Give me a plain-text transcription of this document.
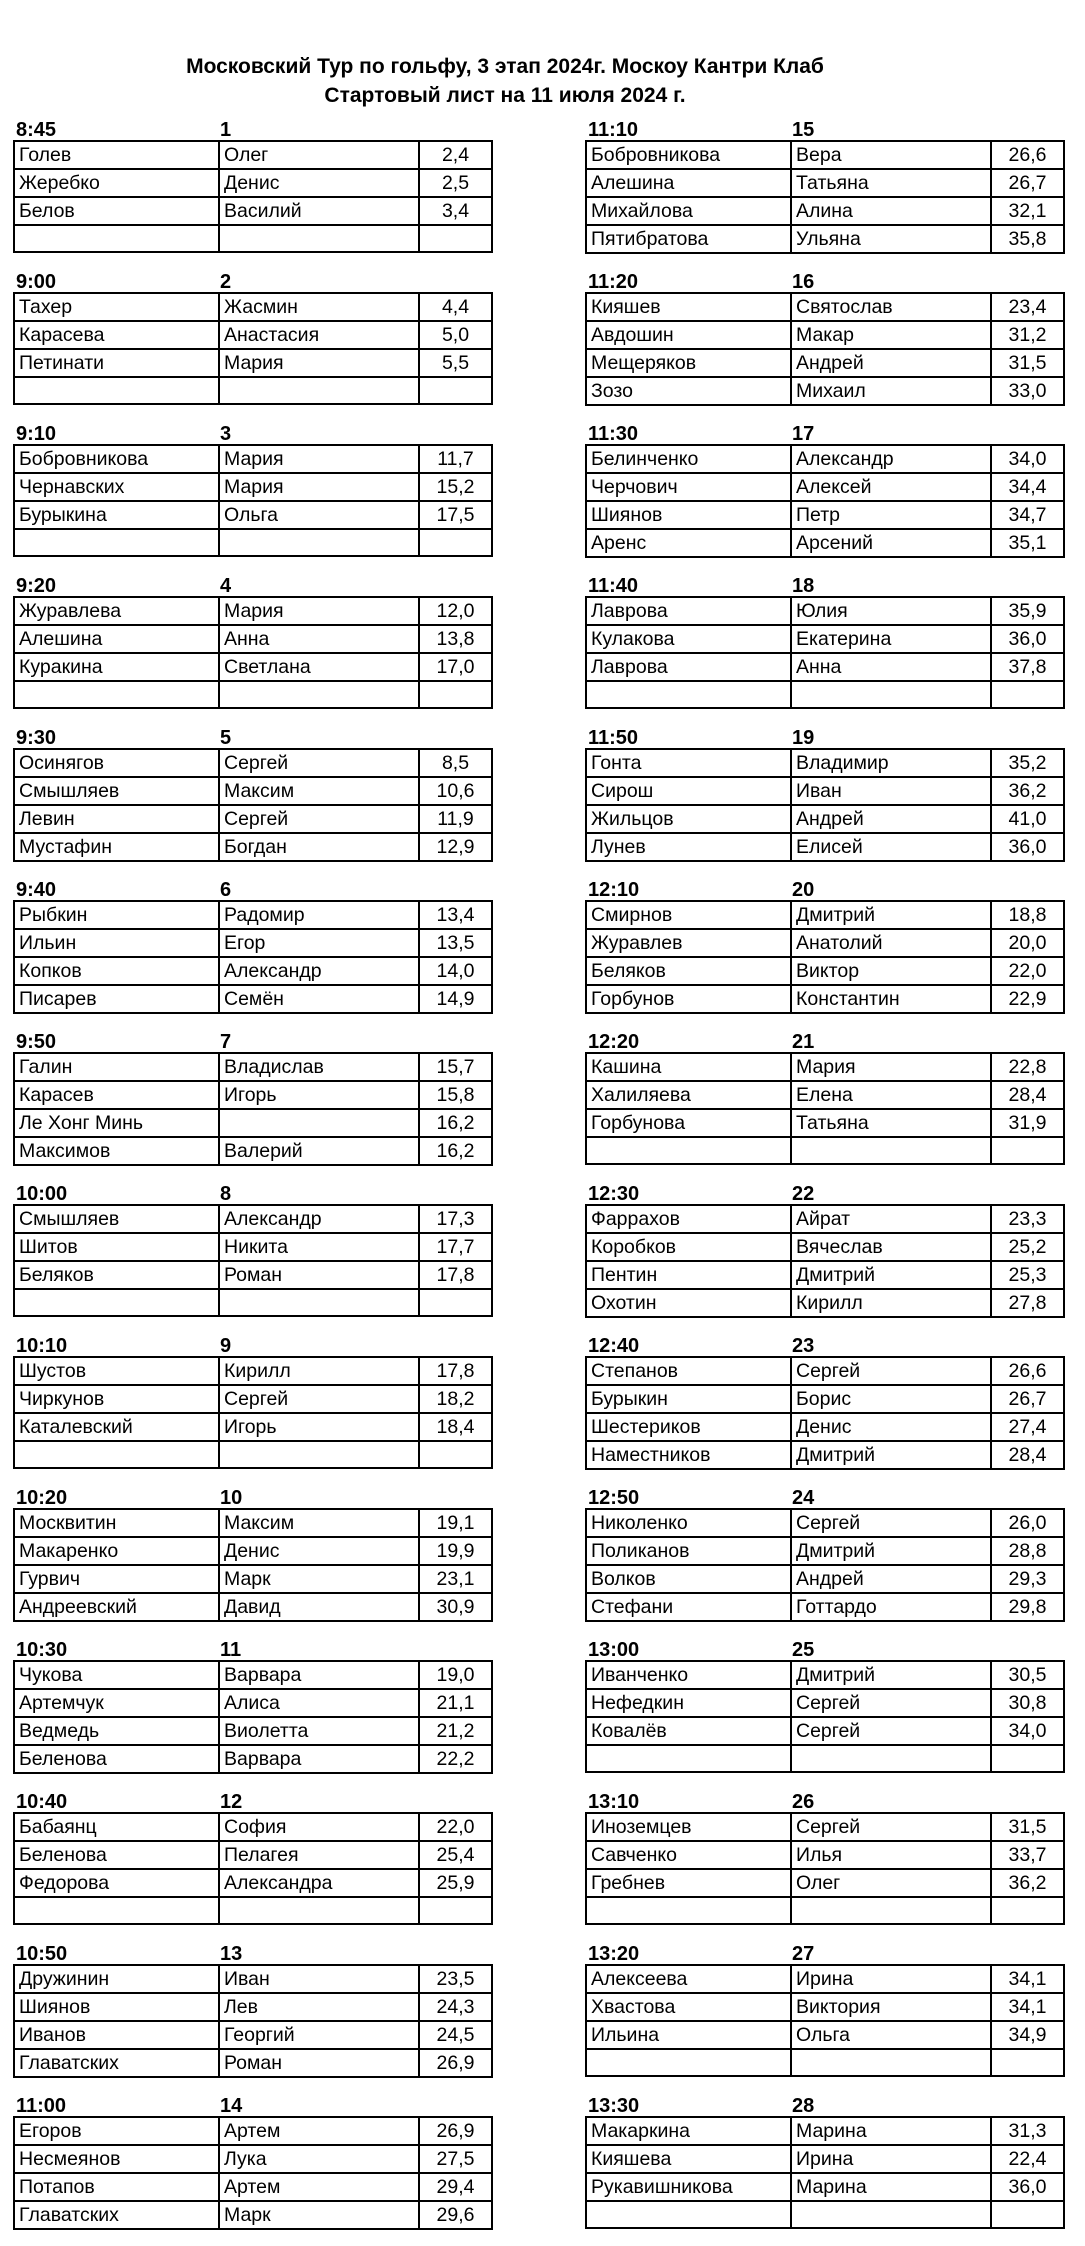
Московский Тур по гольфу, 3 этап 2024г. Москоу Кантри Клаб
Стартовый лист на 11 июля 2024 г.
8:45	1
Голев	Олег	2,4
Жеребко	Денис	2,5
Белов	Василий	3,4

9:00	2
Тахер	Жасмин	4,4
Карасева	Анастасия	5,0
Петинати	Мария	5,5

9:10	3
Бобровникова	Мария	11,7
Чернавских	Мария	15,2
Бурыкина	Ольга	17,5

9:20	4
Журавлева	Мария	12,0
Алешина	Анна	13,8
Куракина	Светлана	17,0

9:30	5
Осинягов	Сергей	8,5
Смышляев	Максим	10,6
Левин	Сергей	11,9
Мустафин	Богдан	12,9
9:40	6
Рыбкин	Радомир	13,4
Ильин	Егор	13,5
Копков	Александр	14,0
Писарев	Семён	14,9
9:50	7
Галин	Владислав	15,7
Карасев	Игорь	15,8
Ле Хонг Минь		16,2
Максимов	Валерий	16,2
10:00	8
Смышляев	Александр	17,3
Шитов	Никита	17,7
Беляков	Роман	17,8

10:10	9
Шустов	Кирилл	17,8
Чиркунов	Сергей	18,2
Каталевский	Игорь	18,4

10:20	10
Москвитин	Максим	19,1
Макаренко	Денис	19,9
Гурвич	Марк	23,1
Андреевский	Давид	30,9
10:30	11
Чукова	Варвара	19,0
Артемчук	Алиса	21,1
Ведмедь	Виолетта	21,2
Беленова	Варвара	22,2
10:40	12
Бабаянц	София	22,0
Беленова	Пелагея	25,4
Федорова	Александра	25,9

10:50	13
Дружинин	Иван	23,5
Шиянов	Лев	24,3
Иванов	Георгий	24,5
Главатских	Роман	26,9
11:00	14
Егоров	Артем	26,9
Несмеянов	Лука	27,5
Потапов	Артем	29,4
Главатских	Марк	29,6
11:10	15
Бобровникова	Вера	26,6
Алешина	Татьяна	26,7
Михайлова	Алина	32,1
Пятибратова	Ульяна	35,8
11:20	16
Кияшев	Святослав	23,4
Авдошин	Макар	31,2
Мещеряков	Андрей	31,5
Зозо	Михаил	33,0
11:30	17
Белинченко	Александр	34,0
Черчович	Алексей	34,4
Шиянов	Петр	34,7
Аренс	Арсений	35,1
11:40	18
Лаврова	Юлия	35,9
Кулакова	Екатерина	36,0
Лаврова	Анна	37,8

11:50	19
Гонта	Владимир	35,2
Сирош	Иван	36,2
Жильцов	Андрей	41,0
Лунев	Елисей	36,0
12:10	20
Смирнов	Дмитрий	18,8
Журавлев	Анатолий	20,0
Беляков	Виктор	22,0
Горбунов	Константин	22,9
12:20	21
Кашина	Мария	22,8
Халиляева	Елена	28,4
Горбунова	Татьяна	31,9

12:30	22
Фаррахов	Айрат	23,3
Коробков	Вячеслав	25,2
Пентин	Дмитрий	25,3
Охотин	Кирилл	27,8
12:40	23
Степанов	Сергей	26,6
Бурыкин	Борис	26,7
Шестериков	Денис	27,4
Наместников	Дмитрий	28,4
12:50	24
Николенко	Сергей	26,0
Поликанов	Дмитрий	28,8
Волков	Андрей	29,3
Стефани	Готтардо	29,8
13:00	25
Иванченко	Дмитрий	30,5
Нефедкин	Сергей	30,8
Ковалёв	Сергей	34,0

13:10	26
Иноземцев	Сергей	31,5
Савченко	Илья	33,7
Гребнев	Олег	36,2

13:20	27
Алексеева	Ирина	34,1
Хвастова	Виктория	34,1
Ильина	Ольга	34,9

13:30	28
Макаркина	Марина	31,3
Кияшева	Ирина	22,4
Рукавишникова	Марина	36,0
